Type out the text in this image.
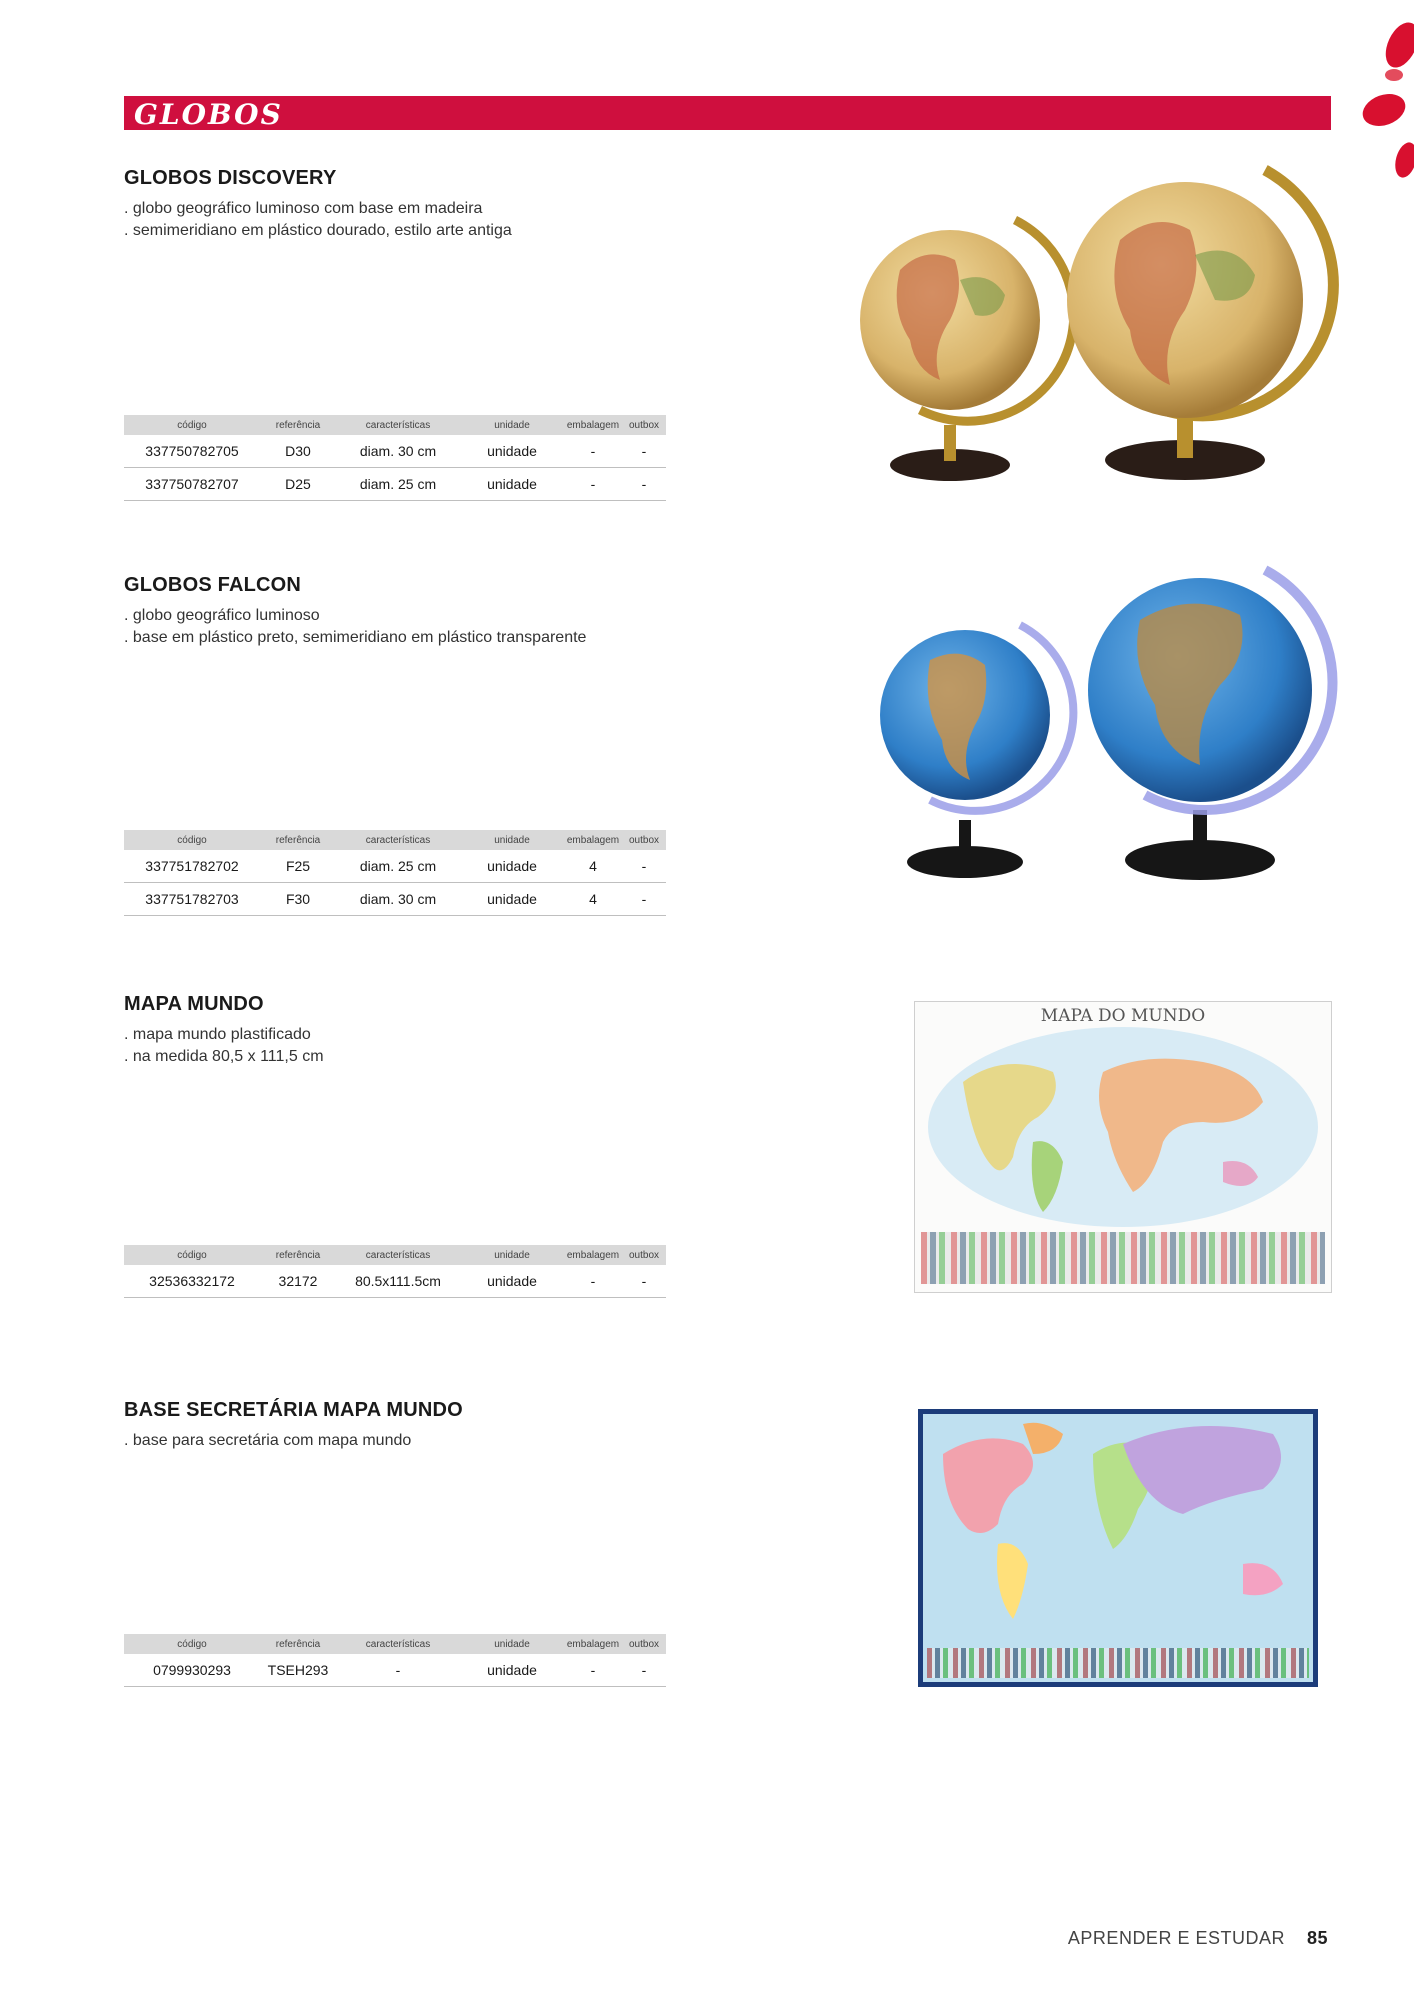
GLOBOS
GLOBOS DISCOVERY
. globo geográfico luminoso com base em madeira
. semimeridiano em plástico dourado, estilo arte antiga
código	referência	características	unidade	embalagem	outbox
337750782705	D30	diam. 30 cm	unidade	-	-
337750782707	D25	diam. 25 cm	unidade	-	-
GLOBOS FALCON
. globo geográfico luminoso
. base em plástico preto, semimeridiano em plástico transparente
código	referência	características	unidade	embalagem	outbox
337751782702	F25	diam. 25 cm	unidade	4	-
337751782703	F30	diam. 30 cm	unidade	4	-
MAPA MUNDO
. mapa mundo plastificado
. na medida 80,5 x 111,5 cm
código	referência	características	unidade	embalagem	outbox
32536332172	32172	80.5x111.5cm	unidade	-	-
MAPA DO MUNDO
BASE SECRETÁRIA MAPA MUNDO
. base para secretária com mapa mundo
código	referência	características	unidade	embalagem	outbox
0799930293	TSEH293	-	unidade	-	-
APRENDER E ESTUDAR 85
